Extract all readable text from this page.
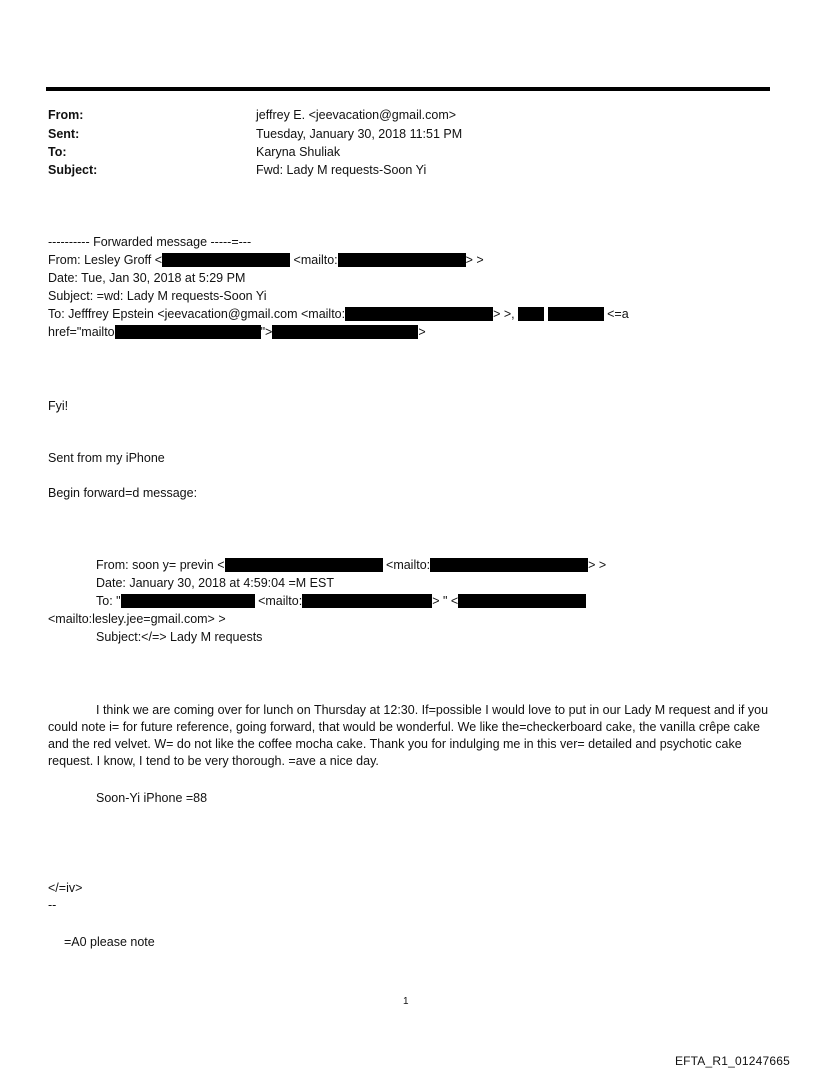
From:	jeffrey E. <jeevacation@gmail.com>
Sent:	Tuesday, January 30, 2018 11:51 PM
To:	Karyna Shuliak
Subject:	Fwd: Lady M requests-Soon Yi
---------- Forwarded message -----=---
From: Lesley Groff <	<mailto:	> >
Date: Tue, Jan 30, 2018 at 5:29 PM
Subject: =wd: Lady M requests-Soon Yi
To: Jefffrey Epstein <jeevacation@gmail.com <mailto:	> >,	<=a
href="mailto	">	>
Fyi!
Sent from my iPhone
Begin forward=d message:
From: soon y= previn <	<mailto:	> >
Date: January 30, 2018 at 4:59:04 =M EST
To: "	<mailto:	> " <
<mailto:lesley.jee=gmail.com> >
Subject:</=> Lady M requests
I think we are coming over for lunch on Thursday at 12:30. If=possible I would love to put in our Lady M request and if you could note i= for future reference, going forward, that would be wonderful. We like the=checkerboard cake, the vanilla crêpe cake and the red velvet. W= do not like the coffee mocha cake. Thank you for indulging me in this ver= detailed and psychotic cake request. I know, I tend to be very thorough. =ave a nice day.
Soon-Yi iPhone =88
</=iv>
--
=A0 please note
1
EFTA_R1_01247665
